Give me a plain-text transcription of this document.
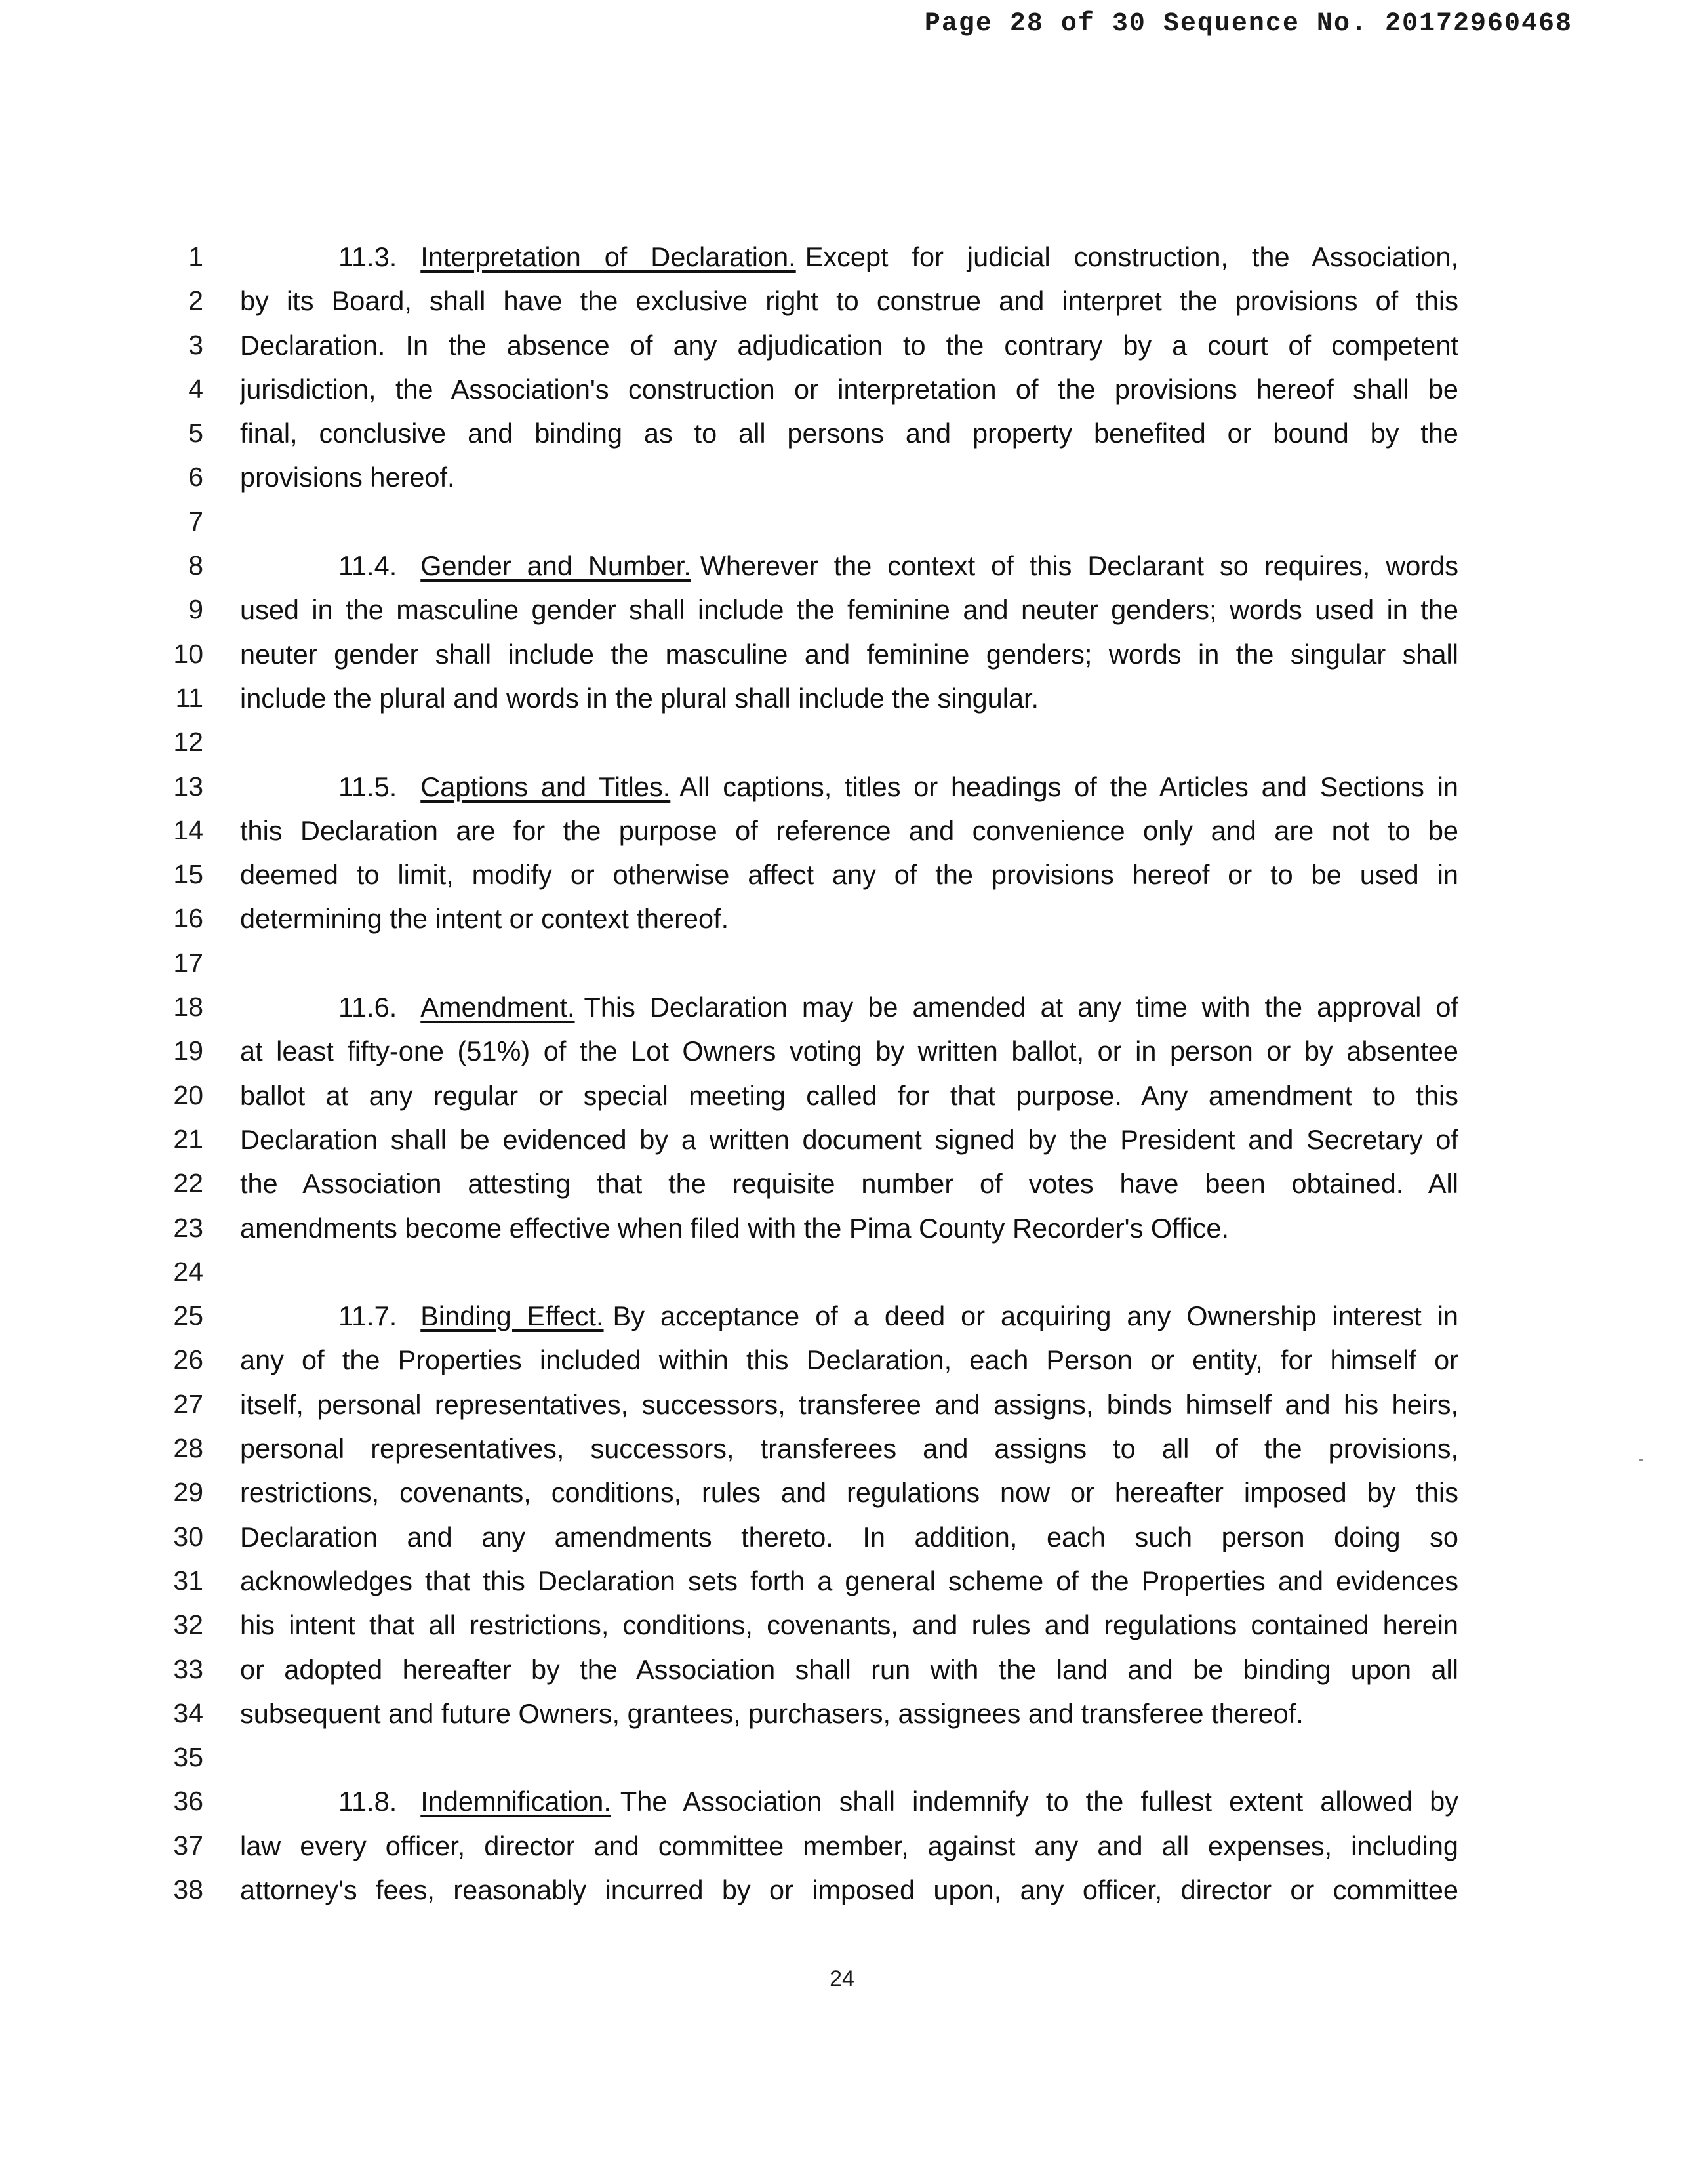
Page 28 of 30 Sequence No. 20172960468
1
2
3
4
5
6
7
8
9
10
11
12
13
14
15
16
17
18
19
20
21
22
23
24
25
26
27
28
29
30
31
32
33
34
35
36
37
38
11.3. Interpretation of Declaration. Except for judicial construction, the Association,
by its Board, shall have the exclusive right to construe and interpret the provisions of this
Declaration. In the absence of any adjudication to the contrary by a court of competent
jurisdiction, the Association's construction or interpretation of the provisions hereof shall be
final, conclusive and binding as to all persons and property benefited or bound by the
provisions hereof.
11.4. Gender and Number. Wherever the context of this Declarant so requires, words
used in the masculine gender shall include the feminine and neuter genders; words used in the
neuter gender shall include the masculine and feminine genders; words in the singular shall
include the plural and words in the plural shall include the singular.
11.5. Captions and Titles. All captions, titles or headings of the Articles and Sections in
this Declaration are for the purpose of reference and convenience only and are not to be
deemed to limit, modify or otherwise affect any of the provisions hereof or to be used in
determining the intent or context thereof.
11.6. Amendment. This Declaration may be amended at any time with the approval of
at least fifty-one (51%) of the Lot Owners voting by written ballot, or in person or by absentee
ballot at any regular or special meeting called for that purpose. Any amendment to this
Declaration shall be evidenced by a written document signed by the President and Secretary of
the Association attesting that the requisite number of votes have been obtained. All
amendments become effective when filed with the Pima County Recorder's Office.
11.7. Binding Effect. By acceptance of a deed or acquiring any Ownership interest in
any of the Properties included within this Declaration, each Person or entity, for himself or
itself, personal representatives, successors, transferee and assigns, binds himself and his heirs,
personal representatives, successors, transferees and assigns to all of the provisions,
restrictions, covenants, conditions, rules and regulations now or hereafter imposed by this
Declaration and any amendments thereto. In addition, each such person doing so
acknowledges that this Declaration sets forth a general scheme of the Properties and evidences
his intent that all restrictions, conditions, covenants, and rules and regulations contained herein
or adopted hereafter by the Association shall run with the land and be binding upon all
subsequent and future Owners, grantees, purchasers, assignees and transferee thereof.
11.8. Indemnification. The Association shall indemnify to the fullest extent allowed by
law every officer, director and committee member, against any and all expenses, including
attorney's fees, reasonably incurred by or imposed upon, any officer, director or committee
24
